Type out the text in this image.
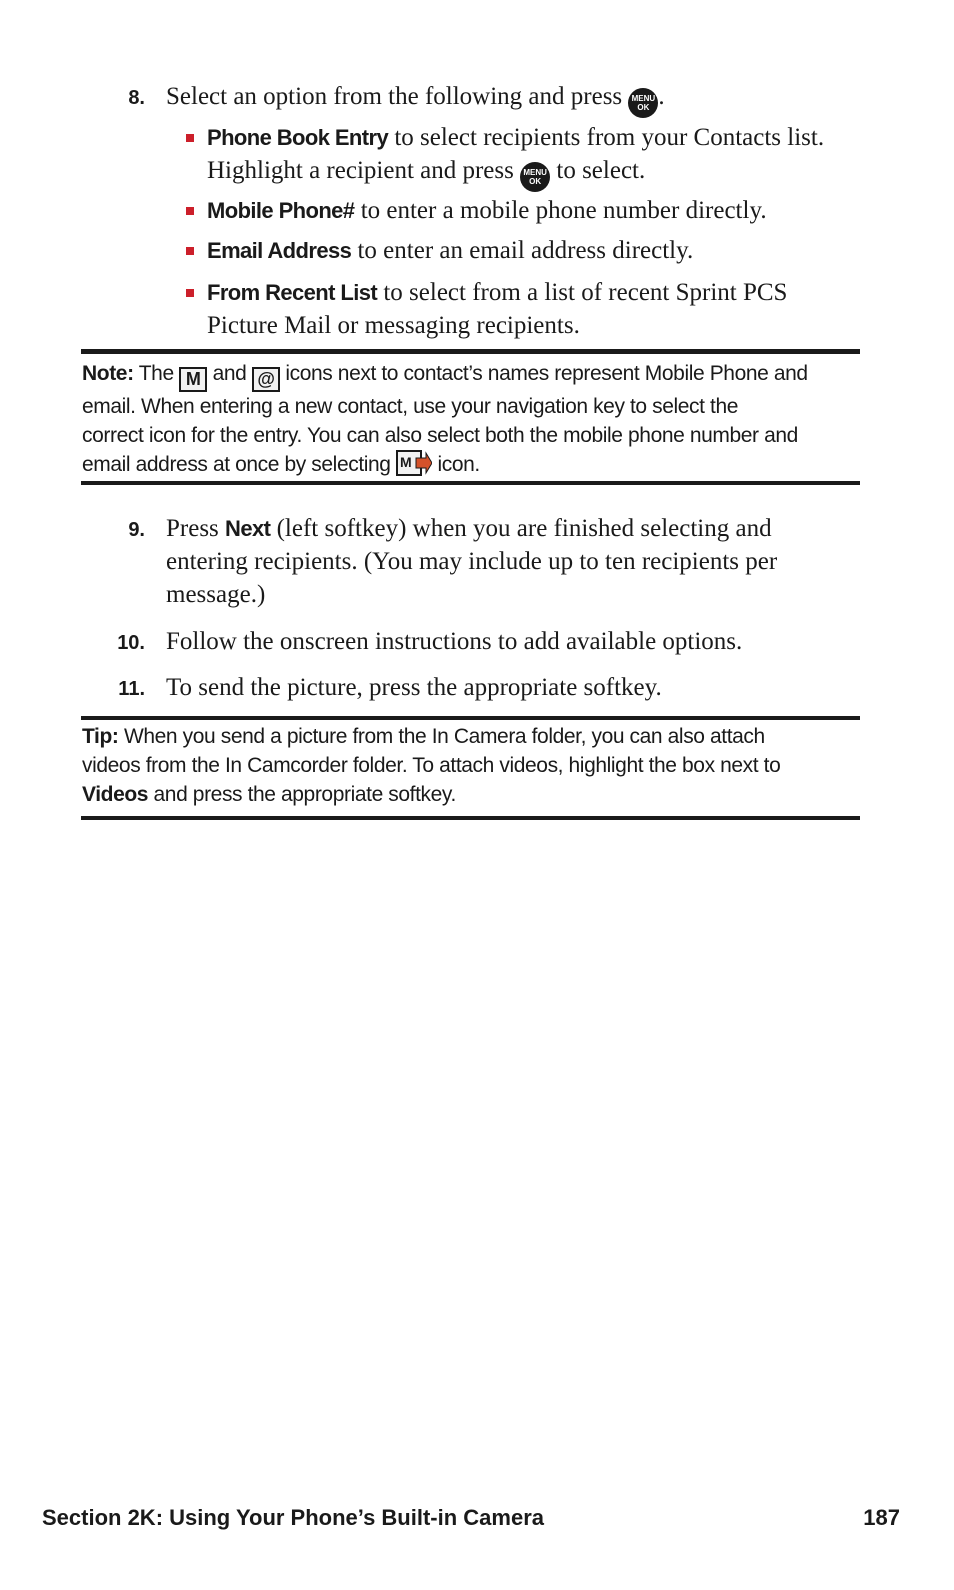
8. Select an option from the following and press MENU
OK .
Phone Book Entry to select recipients from your Contacts list.
Highlight a recipient and press MENU
OK to select.
Mobile Phone# to enter a mobile phone number directly.
Email Address to enter an email address directly.
From Recent List to select from a list of recent Sprint PCS
Picture Mail or messaging recipients.
Note: The M and @ icons next to contact’s names represent Mobile Phone and
email. When entering a new contact, use your navigation key to select the
correct icon for the entry. You can also select both the mobile phone number and
email address at once by selecting M icon.
9. Press Next (left softkey) when you are finished selecting and
entering recipients. (You may include up to ten recipients per
message.)
10. Follow the onscreen instructions to add available options.
11. To send the picture, press the appropriate softkey.
Tip: When you send a picture from the In Camera folder, you can also attach
videos from the In Camcorder folder. To attach videos, highlight the box next to
Videos and press the appropriate softkey.
Section 2K: Using Your Phone’s Built-in Camera	187
